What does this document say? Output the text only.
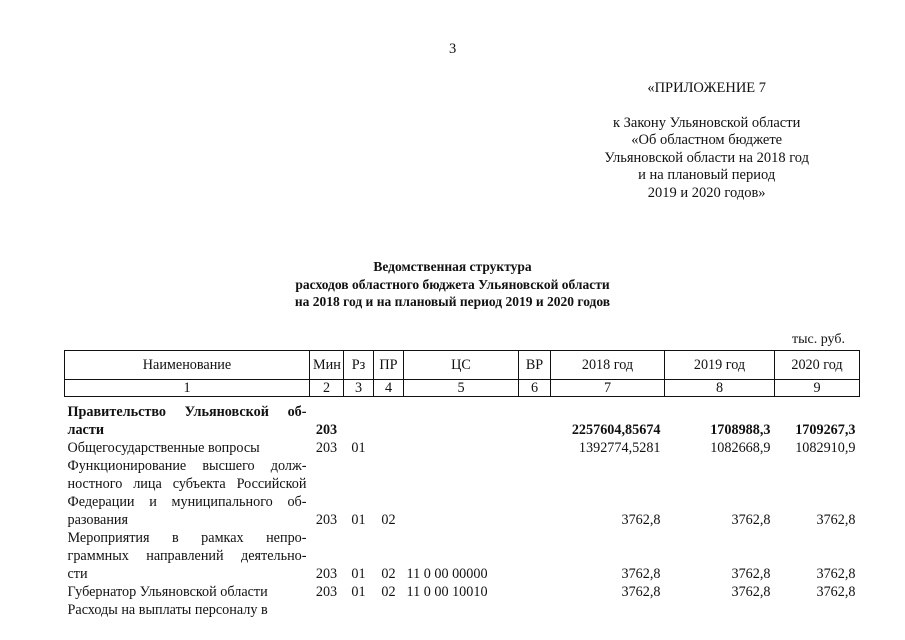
3
«ПРИЛОЖЕНИЕ 7
к Закону Ульяновской области
«Об областном бюджете
Ульяновской области на 2018 год
и на плановый период
2019 и 2020 годов»
Ведомственная структура
расходов областного бюджета Ульяновской области
на 2018 год и на плановый период 2019 и 2020 годов
тыс. руб.
Наименование	Мин	Рз	ПР	ЦС	ВР	2018 год	2019 год	2020 год
1	2	3	4	5	6	7	8	9

Правительство Ульяновской об-
ласти	203					2257604,85674	1708988,3	1709267,3

Общегосударственные вопросы	203	01				1392774,5281	1082668,9	1082910,9

Функционирование высшего долж-
ностного лица субъекта Российской
Федерации и муниципального об-
разования	203	01	02			3762,8	3762,8	3762,8

Мероприятия в рамках непро-
граммных направлений деятельно-
сти	203	01	02	11 0 00 00000		3762,8	3762,8	3762,8

Губернатор Ульяновской области	203	01	02	11 0 00 10010		3762,8	3762,8	3762,8

Расходы на выплаты персоналу в								
